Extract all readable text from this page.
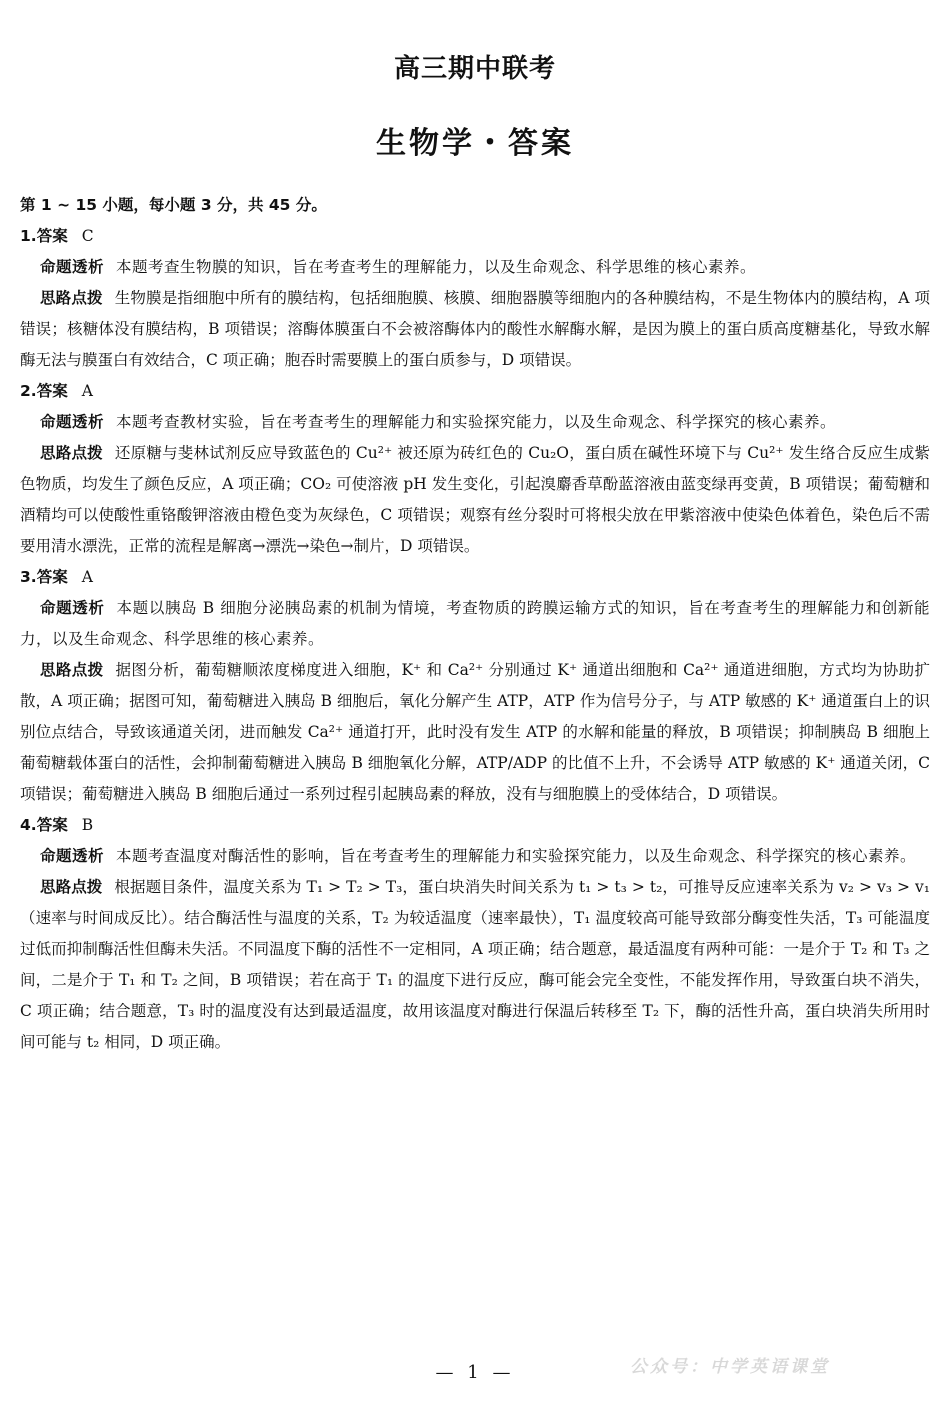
高三期中联考
生物学・答案
第 1 ~ 15 小题，每小题 3 分，共 45 分。
1.答案 C
命题透析 本题考查生物膜的知识，旨在考查考生的理解能力，以及生命观念、科学思维的核心素养。
思路点拨 生物膜是指细胞中所有的膜结构，包括细胞膜、核膜、细胞器膜等细胞内的各种膜结构，不是生物体内的膜结构，A 项错误；核糖体没有膜结构，B 项错误；溶酶体膜蛋白不会被溶酶体内的酸性水解酶水解，是因为膜上的蛋白质高度糖基化，导致水解酶无法与膜蛋白有效结合，C 项正确；胞吞时需要膜上的蛋白质参与，D 项错误。
2.答案 A
命题透析 本题考查教材实验，旨在考查考生的理解能力和实验探究能力，以及生命观念、科学探究的核心素养。
思路点拨 还原糖与斐林试剂反应导致蓝色的 Cu²⁺ 被还原为砖红色的 Cu₂O，蛋白质在碱性环境下与 Cu²⁺ 发生络合反应生成紫色物质，均发生了颜色反应，A 项正确；CO₂ 可使溶液 pH 发生变化，引起溴麝香草酚蓝溶液由蓝变绿再变黄，B 项错误；葡萄糖和酒精均可以使酸性重铬酸钾溶液由橙色变为灰绿色，C 项错误；观察有丝分裂时可将根尖放在甲紫溶液中使染色体着色，染色后不需要用清水漂洗，正常的流程是解离→漂洗→染色→制片，D 项错误。
3.答案 A
命题透析 本题以胰岛 B 细胞分泌胰岛素的机制为情境，考查物质的跨膜运输方式的知识，旨在考查考生的理解能力和创新能力，以及生命观念、科学思维的核心素养。
思路点拨 据图分析，葡萄糖顺浓度梯度进入细胞，K⁺ 和 Ca²⁺ 分别通过 K⁺ 通道出细胞和 Ca²⁺ 通道进细胞，方式均为协助扩散，A 项正确；据图可知，葡萄糖进入胰岛 B 细胞后，氧化分解产生 ATP，ATP 作为信号分子，与 ATP 敏感的 K⁺ 通道蛋白上的识别位点结合，导致该通道关闭，进而触发 Ca²⁺ 通道打开，此时没有发生 ATP 的水解和能量的释放，B 项错误；抑制胰岛 B 细胞上葡萄糖载体蛋白的活性，会抑制葡萄糖进入胰岛 B 细胞氧化分解，ATP/ADP 的比值不上升，不会诱导 ATP 敏感的 K⁺ 通道关闭，C 项错误；葡萄糖进入胰岛 B 细胞后通过一系列过程引起胰岛素的释放，没有与细胞膜上的受体结合，D 项错误。
4.答案 B
命题透析 本题考查温度对酶活性的影响，旨在考查考生的理解能力和实验探究能力，以及生命观念、科学探究的核心素养。
思路点拨 根据题目条件，温度关系为 T₁ > T₂ > T₃，蛋白块消失时间关系为 t₁ > t₃ > t₂，可推导反应速率关系为 v₂ > v₃ > v₁（速率与时间成反比）。结合酶活性与温度的关系，T₂ 为较适温度（速率最快），T₁ 温度较高可能导致部分酶变性失活，T₃ 可能温度过低而抑制酶活性但酶未失活。不同温度下酶的活性不一定相同，A 项正确；结合题意，最适温度有两种可能：一是介于 T₂ 和 T₃ 之间，二是介于 T₁ 和 T₂ 之间，B 项错误；若在高于 T₁ 的温度下进行反应，酶可能会完全变性，不能发挥作用，导致蛋白块不消失，C 项正确；结合题意，T₃ 时的温度没有达到最适温度，故用该温度对酶进行保温后转移至 T₂ 下，酶的活性升高，蛋白块消失所用时间可能与 t₂ 相同，D 项正确。
— 1 —	公众号：中学英语课堂
